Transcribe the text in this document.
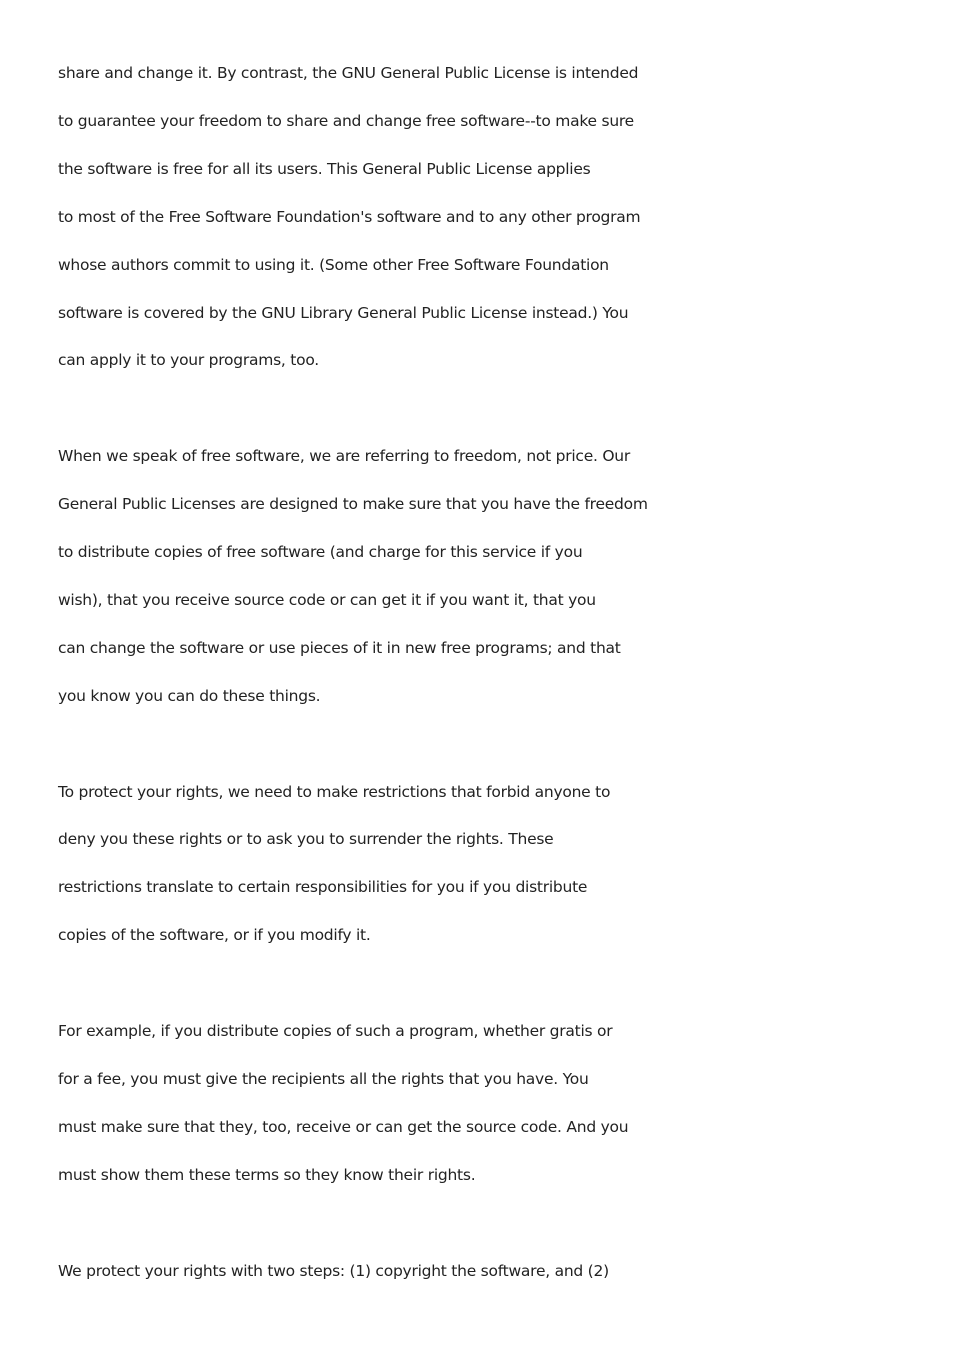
share and change it. By contrast, the GNU General Public License is intended
to guarantee your freedom to share and change free software--to make sure
the software is free for all its users. This General Public License applies
to most of the Free Software Foundation's software and to any other program
whose authors commit to using it. (Some other Free Software Foundation
software is covered by the GNU Library General Public License instead.) You
can apply it to your programs, too.
When we speak of free software, we are referring to freedom, not price. Our
General Public Licenses are designed to make sure that you have the freedom
to distribute copies of free software (and charge for this service if you
wish), that you receive source code or can get it if you want it, that you
can change the software or use pieces of it in new free programs; and that
you know you can do these things.
To protect your rights, we need to make restrictions that forbid anyone to
deny you these rights or to ask you to surrender the rights. These
restrictions translate to certain responsibilities for you if you distribute
copies of the software, or if you modify it.
For example, if you distribute copies of such a program, whether gratis or
for a fee, you must give the recipients all the rights that you have. You
must make sure that they, too, receive or can get the source code. And you
must show them these terms so they know their rights.
We protect your rights with two steps: (1) copyright the software, and (2)
